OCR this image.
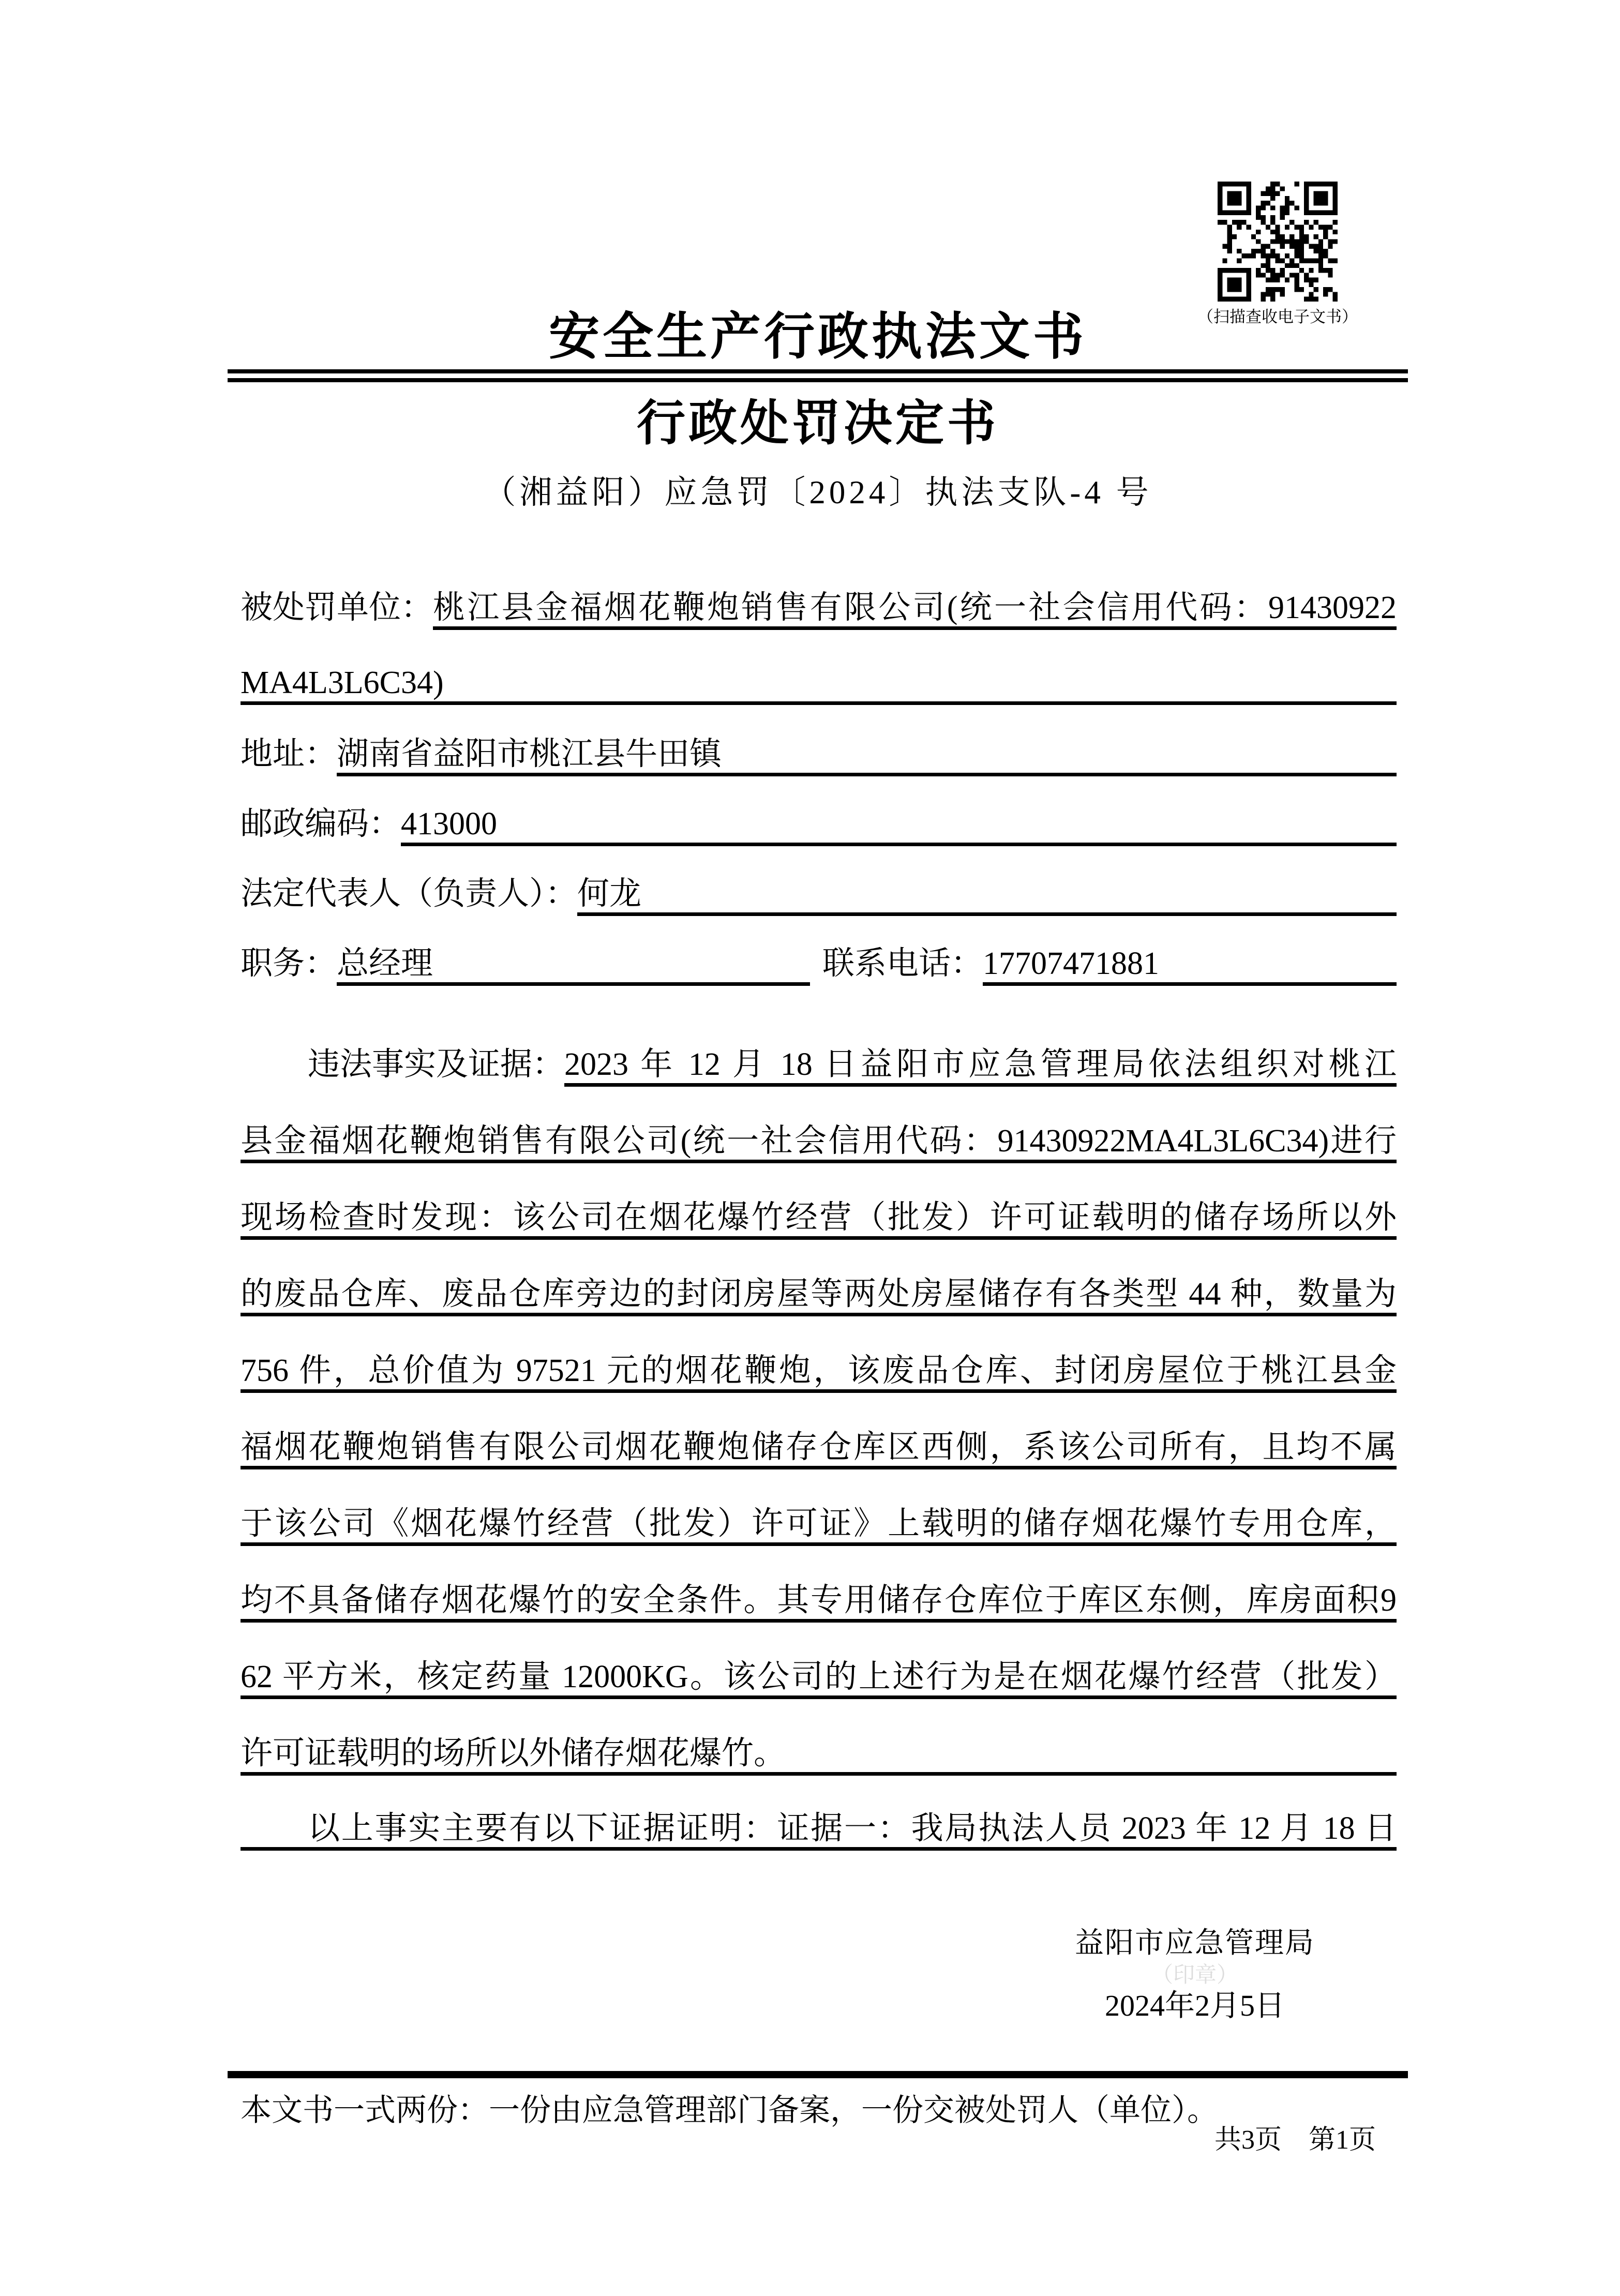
（扫描查收电子文书）
安全生产行政执法文书
行政处罚决定书
（湘益阳）应急罚〔2024〕执法支队-4 号
被处罚单位： 桃江县金福烟花鞭炮销售有限公司(统一社会信用代码：91430922
MA4L3L6C34)
地址： 湖南省益阳市桃江县牛田镇
邮政编码： 413000
法定代表人（负责人）： 何龙
职务： 总经理	联系电话： 17707471881
违法事实及证据： 2023 年 12 月 18 日益阳市应急管理局依法组织对桃江
县金福烟花鞭炮销售有限公司(统一社会信用代码：91430922MA4L3L6C34)进行
现场检查时发现：该公司在烟花爆竹经营（批发）许可证载明的储存场所以外
的废品仓库、废品仓库旁边的封闭房屋等两处房屋储存有各类型 44 种，数量为
756 件，总价值为 97521 元的烟花鞭炮，该废品仓库、封闭房屋位于桃江县金
福烟花鞭炮销售有限公司烟花鞭炮储存仓库区西侧，系该公司所有，且均不属
于该公司《烟花爆竹经营（批发）许可证》上载明的储存烟花爆竹专用仓库，
均不具备储存烟花爆竹的安全条件。其专用储存仓库位于库区东侧，库房面积9
62 平方米，核定药量 12000KG。该公司的上述行为是在烟花爆竹经营（批发）
许可证载明的场所以外储存烟花爆竹。
以上事实主要有以下证据证明：证据一：我局执法人员 2023 年 12 月 18 日
益阳市应急管理局
（印章）
2024年2月5日
本文书一式两份：一份由应急管理部门备案，一份交被处罚人（单位）。
共3页　第1页
